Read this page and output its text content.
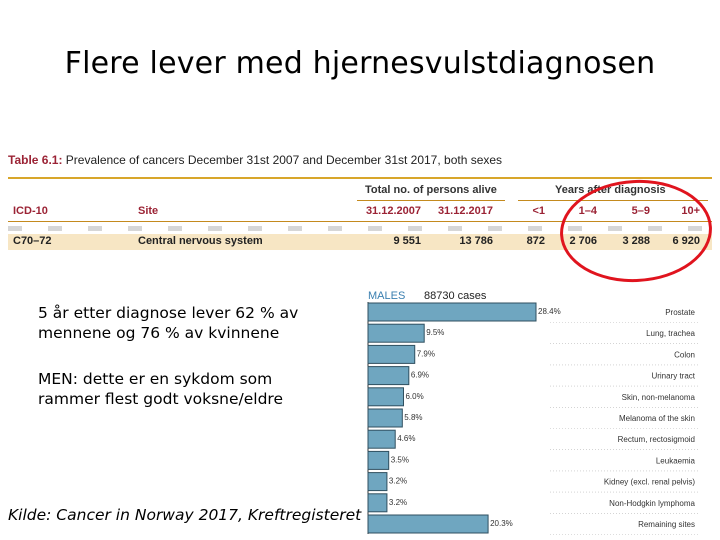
Flere lever med hjernesvulstdiagnosen
Table 6.1: Prevalence of cancers December 31st 2007 and December 31st 2017, both sexes
Total no. of persons alive	Years after diagnosis
ICD-10	Site	31.12.2007	31.12.2017	<1	1–4	5–9	10+
C70–72	Central nervous system	9 551	13 786	872	2 706	3 288	6 920
5 år etter diagnose lever 62 % av
mennene og 76 % av kvinnene
MEN: dette er en sykdom som
rammer flest godt voksne/eldre
MALES 88730 cases
28.4%	Prostate
9.5%	Lung, trachea
7.9%	Colon
6.9%	Urinary tract
6.0%	Skin, non-melanoma
5.8%	Melanoma of the skin
4.6%	Rectum, rectosigmoid
3.5%	Leukaemia
3.2%	Kidney (excl. renal pelvis)
3.2%	Non-Hodgkin lymphoma
20.3%	Remaining sites
Kilde: Cancer in Norway 2017, Kreftregisteret
